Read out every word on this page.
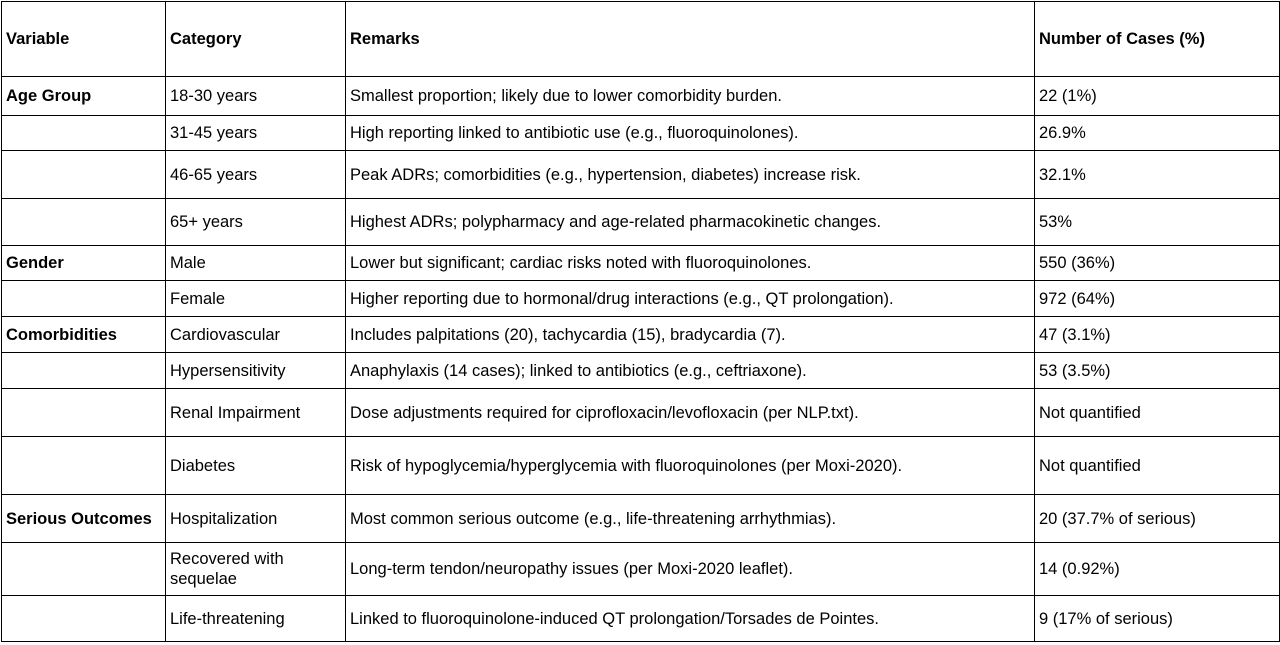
Variable	Category	Remarks	Number of Cases (%)
Age Group	18-30 years	Smallest proportion; likely due to lower comorbidity burden.	22 (1%)
	31-45 years	High reporting linked to antibiotic use (e.g., fluoroquinolones).	26.9%
	46-65 years	Peak ADRs; comorbidities (e.g., hypertension, diabetes) increase risk.	32.1%
	65+ years	Highest ADRs; polypharmacy and age-related pharmacokinetic changes.	53%
Gender	Male	Lower but significant; cardiac risks noted with fluoroquinolones.	550 (36%)
	Female	Higher reporting due to hormonal/drug interactions (e.g., QT prolongation).	972 (64%)
Comorbidities	Cardiovascular	Includes palpitations (20), tachycardia (15), bradycardia (7).	47 (3.1%)
	Hypersensitivity	Anaphylaxis (14 cases); linked to antibiotics (e.g., ceftriaxone).	53 (3.5%)
	Renal Impairment	Dose adjustments required for ciprofloxacin/levofloxacin (per NLP.txt).	Not quantified
	Diabetes	Risk of hypoglycemia/hyperglycemia with fluoroquinolones (per Moxi-2020).	Not quantified
Serious Outcomes	Hospitalization	Most common serious outcome (e.g., life-threatening arrhythmias).	20 (37.7% of serious)
	Recovered with sequelae	Long-term tendon/neuropathy issues (per Moxi-2020 leaflet).	14 (0.92%)
	Life-threatening	Linked to fluoroquinolone-induced QT prolongation/Torsades de Pointes.	9 (17% of serious)
